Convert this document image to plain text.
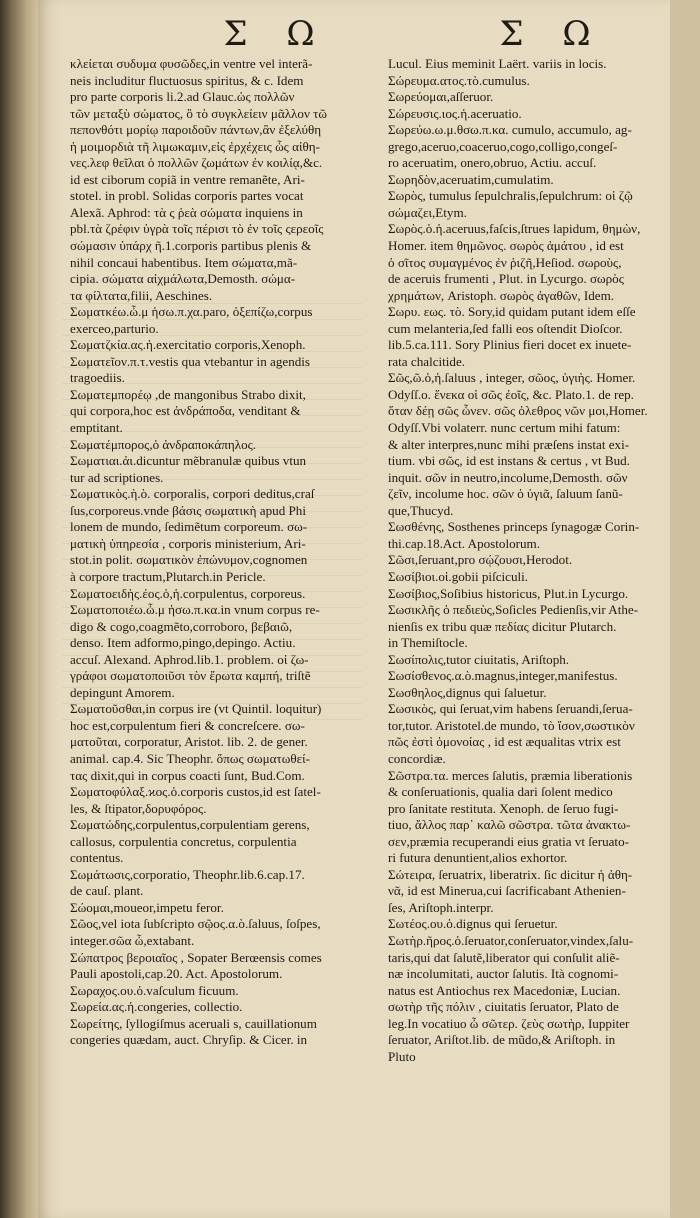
Σ Ω	Σ Ω
κλείεται συδυμα φυσῶδες,in ventre vel interã-
neis includitur fluctuosus spiritus, & c. Idem
pro parte corporis li.2.ad Glauc.ὡς πολλῶν
τῶν μεταξὺ σώματος, ὃ τὸ συγκλείειν μᾶλλον τῶ
πεπονθότι μορίῳ παροιδοῦν πάντων,ἂν ἐξελύθη
ἡ μοιμορδιὰ τῆ λιμωκαμιν,εἰς ἐρχέχεις ὧς αἰθη-
νες.λεφ θεῖλαι ὁ πολλῶν ζωμάτων ἐν κοιλίᾳ,&c.
id est ciborum copiã in ventre remanẽte, Ari-
stotel. in probl. Solidas corporis partes vocat
Alexã. Aphrod: τὰ ς ῥεὰ σώματα inquiens in
pbl.τὰ ζρέφιν ὑγρὰ τοῖς πέρισι τὸ ἐν τοῖς ςερεοῖς
σώμασιν ὑπάρχ ῆ.1.corporis partibus plenis &
nihil concaui habentibus. Item σώματα,mã-
cipia. σώματα αἰχμάλωτα,Demosth. σώμα-
τα φίλτατα,filii, Aeschines.
Σωματκέω.ὦ.μ ἡσω.π.χα.paro, ὀξεπίζω,corpus
exerceo,parturio.
Σωματζκία.ας.ἡ.exercitatio corporis,Xenoph.
Σωματεῖον.π.τ.vestis qua vtebantur in agendis
tragoediis.
Σωματεμπορέῳ ,de mangonibus Strabo dixit,
qui corpora,hoc est ἀνδράποδα, venditant &
emptitant.
Σωματέμπορος,ὁ ἀνδραποκάπηλος.
Σωματιαι.ἀι.dicuntur mẽbranulæ quibus vtun
tur ad scriptiones.
Σωματικὸς.ὴ.ὸ. corporalis, corpori deditus,craſ
ſus,corporeus.vnde βάσις σωματικὴ apud Phi
lonem de mundo, ſedimẽtum corporeum. σω-
ματικὴ ὑπηρεσία , corporis ministerium, Ari-
stot.in polit. σωματικὸν ἐπώνυμον,cognomen
à corpore tractum,Plutarch.in Pericle.
Σωματοειδὴς.έος.ὁ,ἡ.corpulentus, corporeus.
Σωματοποιέω.ὦ.μ ἡσω.π.κα.in vnum corpus re-
digo & cogo,coagmẽto,corroboro, βεβαιῶ,
denso. Item adformo,pingo,depingo. Actiu.
accuſ. Alexand. Aphrod.lib.1. problem. οἱ ζω-
γράφοι σωματοποιῦσι τὸν ἔρωτα καμπή, triſtẽ
depingunt Amorem.
Σωματοῦσθαι,in corpus ire (vt Quintil. loquitur)
hoc est,corpulentum fieri & concreſcere. σω-
ματοῦται, corporatur, Aristot. lib. 2. de gener.
animal. cap.4. Sic Theophr. ὅπως σωματωθεί-
τας dixit,qui in corpus coacti ſunt, Bud.Com.
Σωματοφύλαξ.ϰος.ὁ.corporis custos,id est ſatel-
les, & ſtipator,δορυφόρος.
Σωματώδης,corpulentus,corpulentiam gerens,
callosus, corpulentia concretus, corpulentia
contentus.
Σωμάτωσις,corporatio, Theophr.lib.6.cap.17.
de cauſ. plant.
Σώομαι,moueor,impetu feror.
Σῶος,vel iota ſubſcripto σῷος.α.ὸ.ſaluus, ſoſpes,
integer.σῶα ὦ,extabant.
Σώπατρος βεροιαῖος , Sopater Berœensis comes
Pauli apostoli,cap.20. Act. Apostolorum.
Σωραχος.ου.ὁ.vaſculum ficuum.
Σωρεία.ας.ἡ.congeries, collectio.
Σωρείτης, ſyllogiſmus aceruali s, cauillationum
congeries quædam, auct. Chryſip. & Cicer. in
Lucul. Eius meminit Laërt. variis in locis.
Σώρευμα.ατος.τὸ.cumulus.
Σωρεύομαι,aſſeruor.
Σώρευσις.ιος.ἡ.aceruatio.
Σωρεύω.ω.μ.θσω.π.κα. cumulo, accumulo, ag-
grego,aceruo,coaceruo,cogo,colligo,congeſ-
ro aceruatim, onero,obruo, Actiu. accuſ.
Σωρηδὸν,aceruatim,cumulatim.
Σωρὸς, tumulus ſepulchralis,ſepulchrum: οἱ ζῷ
σώμαζει,Etym.
Σωρὸς.ὁ.ἡ.aceruus,faſcis,ſtrues lapidum, θημὼν,
Homer. item θημῶνος. σωρὸς ἀμάτου , id est
ὁ σῖτος συμαγμένος ἐν ῥιζῆ,Heſiod. σωροὺς,
de aceruis frumenti , Plut. in Lycurgo. σωρὸς
χρημάτων, Aristoph. σωρὸς ἀγαθῶν, Idem.
Σωρυ. εως. τὸ. Sory,id quidam putant idem eſſe
cum melanteria,ſed falli eos oſtendit Dioſcor.
lib.5.ca.111. Sory Plinius fieri docet ex inuete-
rata chalcitide.
Σῶς,ῶ.ὁ,ἡ.ſaluus , integer, σῶος, ὑγιὴς. Homer.
Odyſſ.ο. ἕνεκα οἱ σῶς ἐοῖς, &c. Plato.1. de rep.
ὅταν δέῃ σῶς ὧνεν. σῶς ὀλεθρος νῶν μοι,Homer.
Odyſſ.Vbi volaterr. nunc certum mihi fatum:
& alter interpres,nunc mihi præſens instat exi-
tium. vbi σῶς, id est instans & certus , vt Bud.
inquit. σῶν in neutro,incolume,Demosth. σῶν
ζεῖν, incolume hoc. σῶν ὁ ὑγιᾶ, ſaluum ſanũ-
que,Thucyd.
Σωσθένης, Sosthenes princeps ſynagogæ Corin-
thi.cap.18.Act. Apostolorum.
Σῶσι,ſeruant,pro σῴζουσι,Herodot.
Σωσίβιοι.οἱ.gobii piſciculi.
Σωσίβιος,Soſibius historicus, Plut.in Lycurgo.
Σωσικλῆς ὁ πεδιεὺς,Soſicles Pedienſis,vir Athe-
nienſis ex tribu quæ πεδίας dicitur Plutarch.
in Themiſtocle.
Σωσίπολις,tutor ciuitatis, Ariſtoph.
Σωσίσθενος.α.ὸ.magnus,integer,manifestus.
Σωσθηλος,dignus qui ſaluetur.
Σωσικὸς, qui ſeruat,vim habens ſeruandi,ſerua-
tor,tutor. Aristotel.de mundo, τὸ ἴσον,σωστικὸν
πῶς ἐστὶ ὁμονοίας , id est æqualitas vtrix est
concordiæ.
Σῶστρα.τα. merces ſalutis, præmia liberationis
& conſeruationis, qualia dari ſolent medico
pro ſanitate restituta. Xenoph. de ſeruo fugi-
tiuo, ἄλλος παρ᾽ καλῶ σῶστρα. τῶτα ἀνακτω-
σεν,præmia recuperandi eius gratia vt ſeruato-
ri futura denuntient,alios exhortor.
Σώτειρα, ſeruatrix, liberatrix. ſic dicitur ἡ ἀθη-
νᾶ, id est Minerua,cui ſacrificabant Athenien-
ſes, Ariſtoph.interpr.
Σωτέος.ου.ὁ.dignus qui ſeruetur.
Σωτὴρ.ῆρος.ὁ.ſeruator,conſeruator,vindex,ſalu-
taris,qui dat ſalutẽ,liberator qui conſulit aliẽ-
næ incolumitati, auctor ſalutis. Ità cognomi-
natus est Antiochus rex Macedoniæ, Lucian.
σωτὴρ τῆς πόλιν , ciuitatis ſeruator, Plato de
leg.In vocatiuo ὦ σῶτερ. ζεὺς σωτὴρ, Iuppiter
ſeruator, Ariſtot.lib. de mũdo,& Ariſtoph. in
Pluto
